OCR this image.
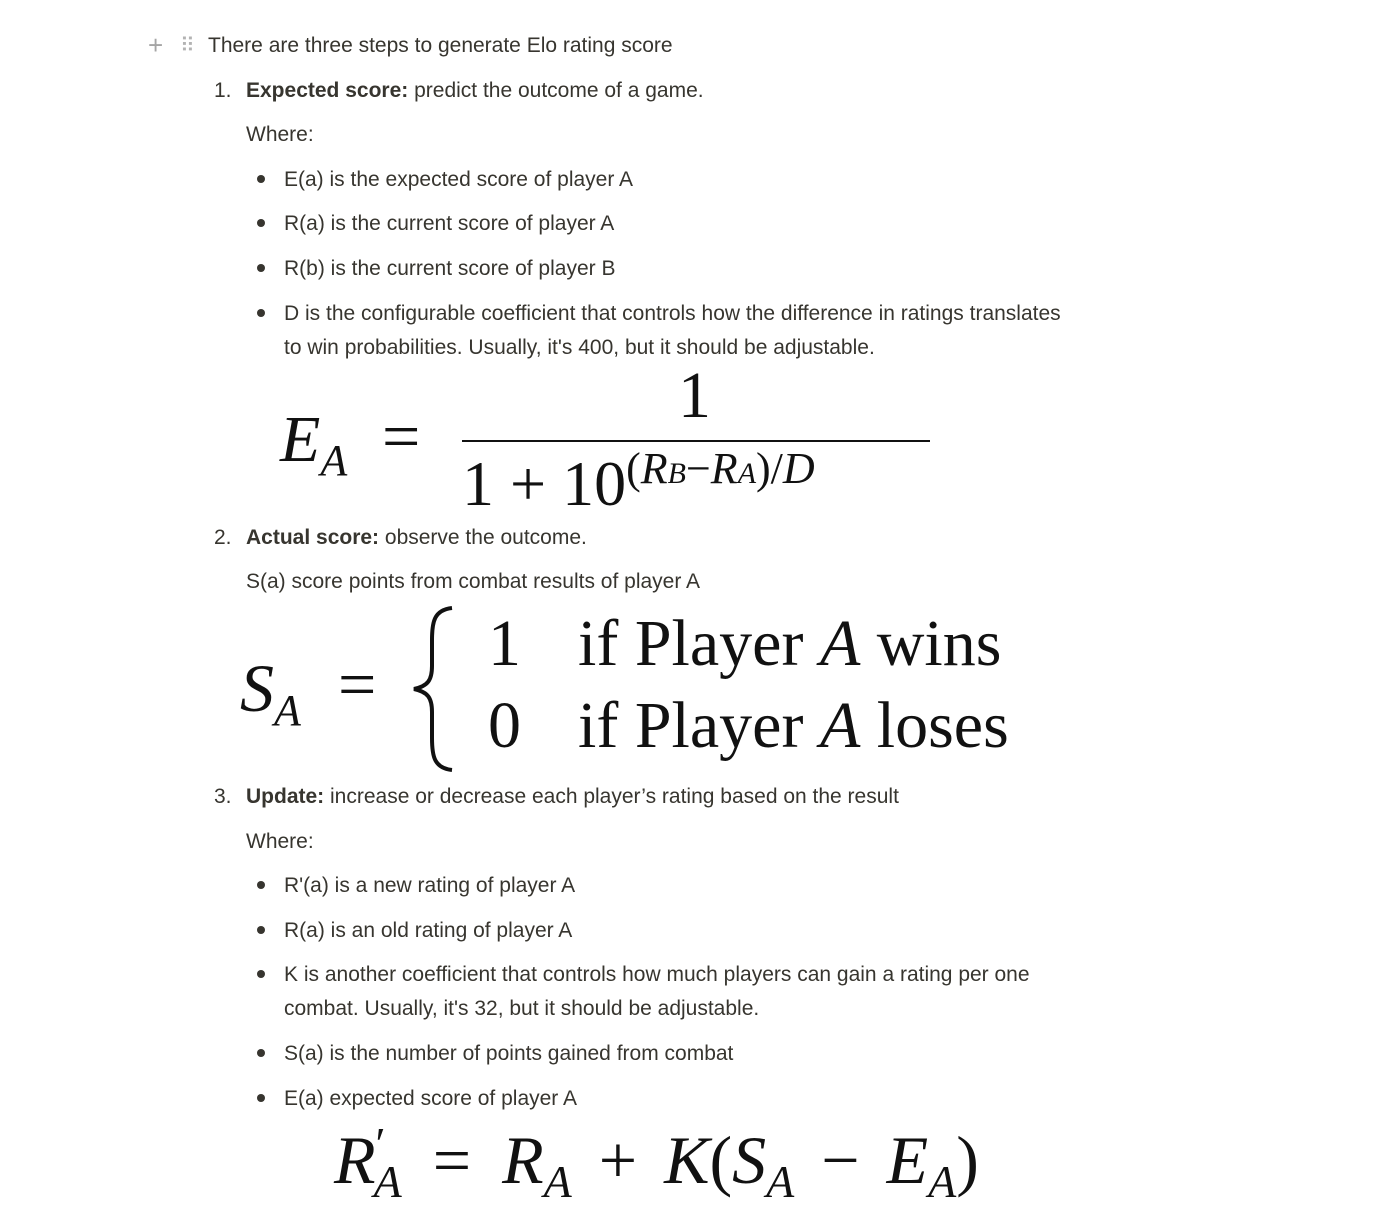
+ ⠿ There are three steps to generate Elo rating score
1. Expected score: predict the outcome of a game.
Where:
E(a) is the expected score of player A
R(a) is the current score of player A
R(b) is the current score of player B
D is the configurable coefficient that controls how the difference in ratings translates
to win probabilities. Usually, it's 400, but it should be adjustable.
$E_A$ =
1
$1 + 10^{(RB-RA)/D}$
2. Actual score: observe the outcome.
S(a) score points from combat results of player A
$S_A$ =
1 if Player A wins
0 if Player A loses
3. Update: increase or decrease each player’s rating based on the result
Where:
R'(a) is a new rating of player A
R(a) is an old rating of player A
K is another coefficient that controls how much players can gain a rating per one
combat. Usually, it's 32, but it should be adjustable.
S(a) is the number of points gained from combat
E(a) expected score of player A
$R'_A = R_A + K(S_A - E_A)$
